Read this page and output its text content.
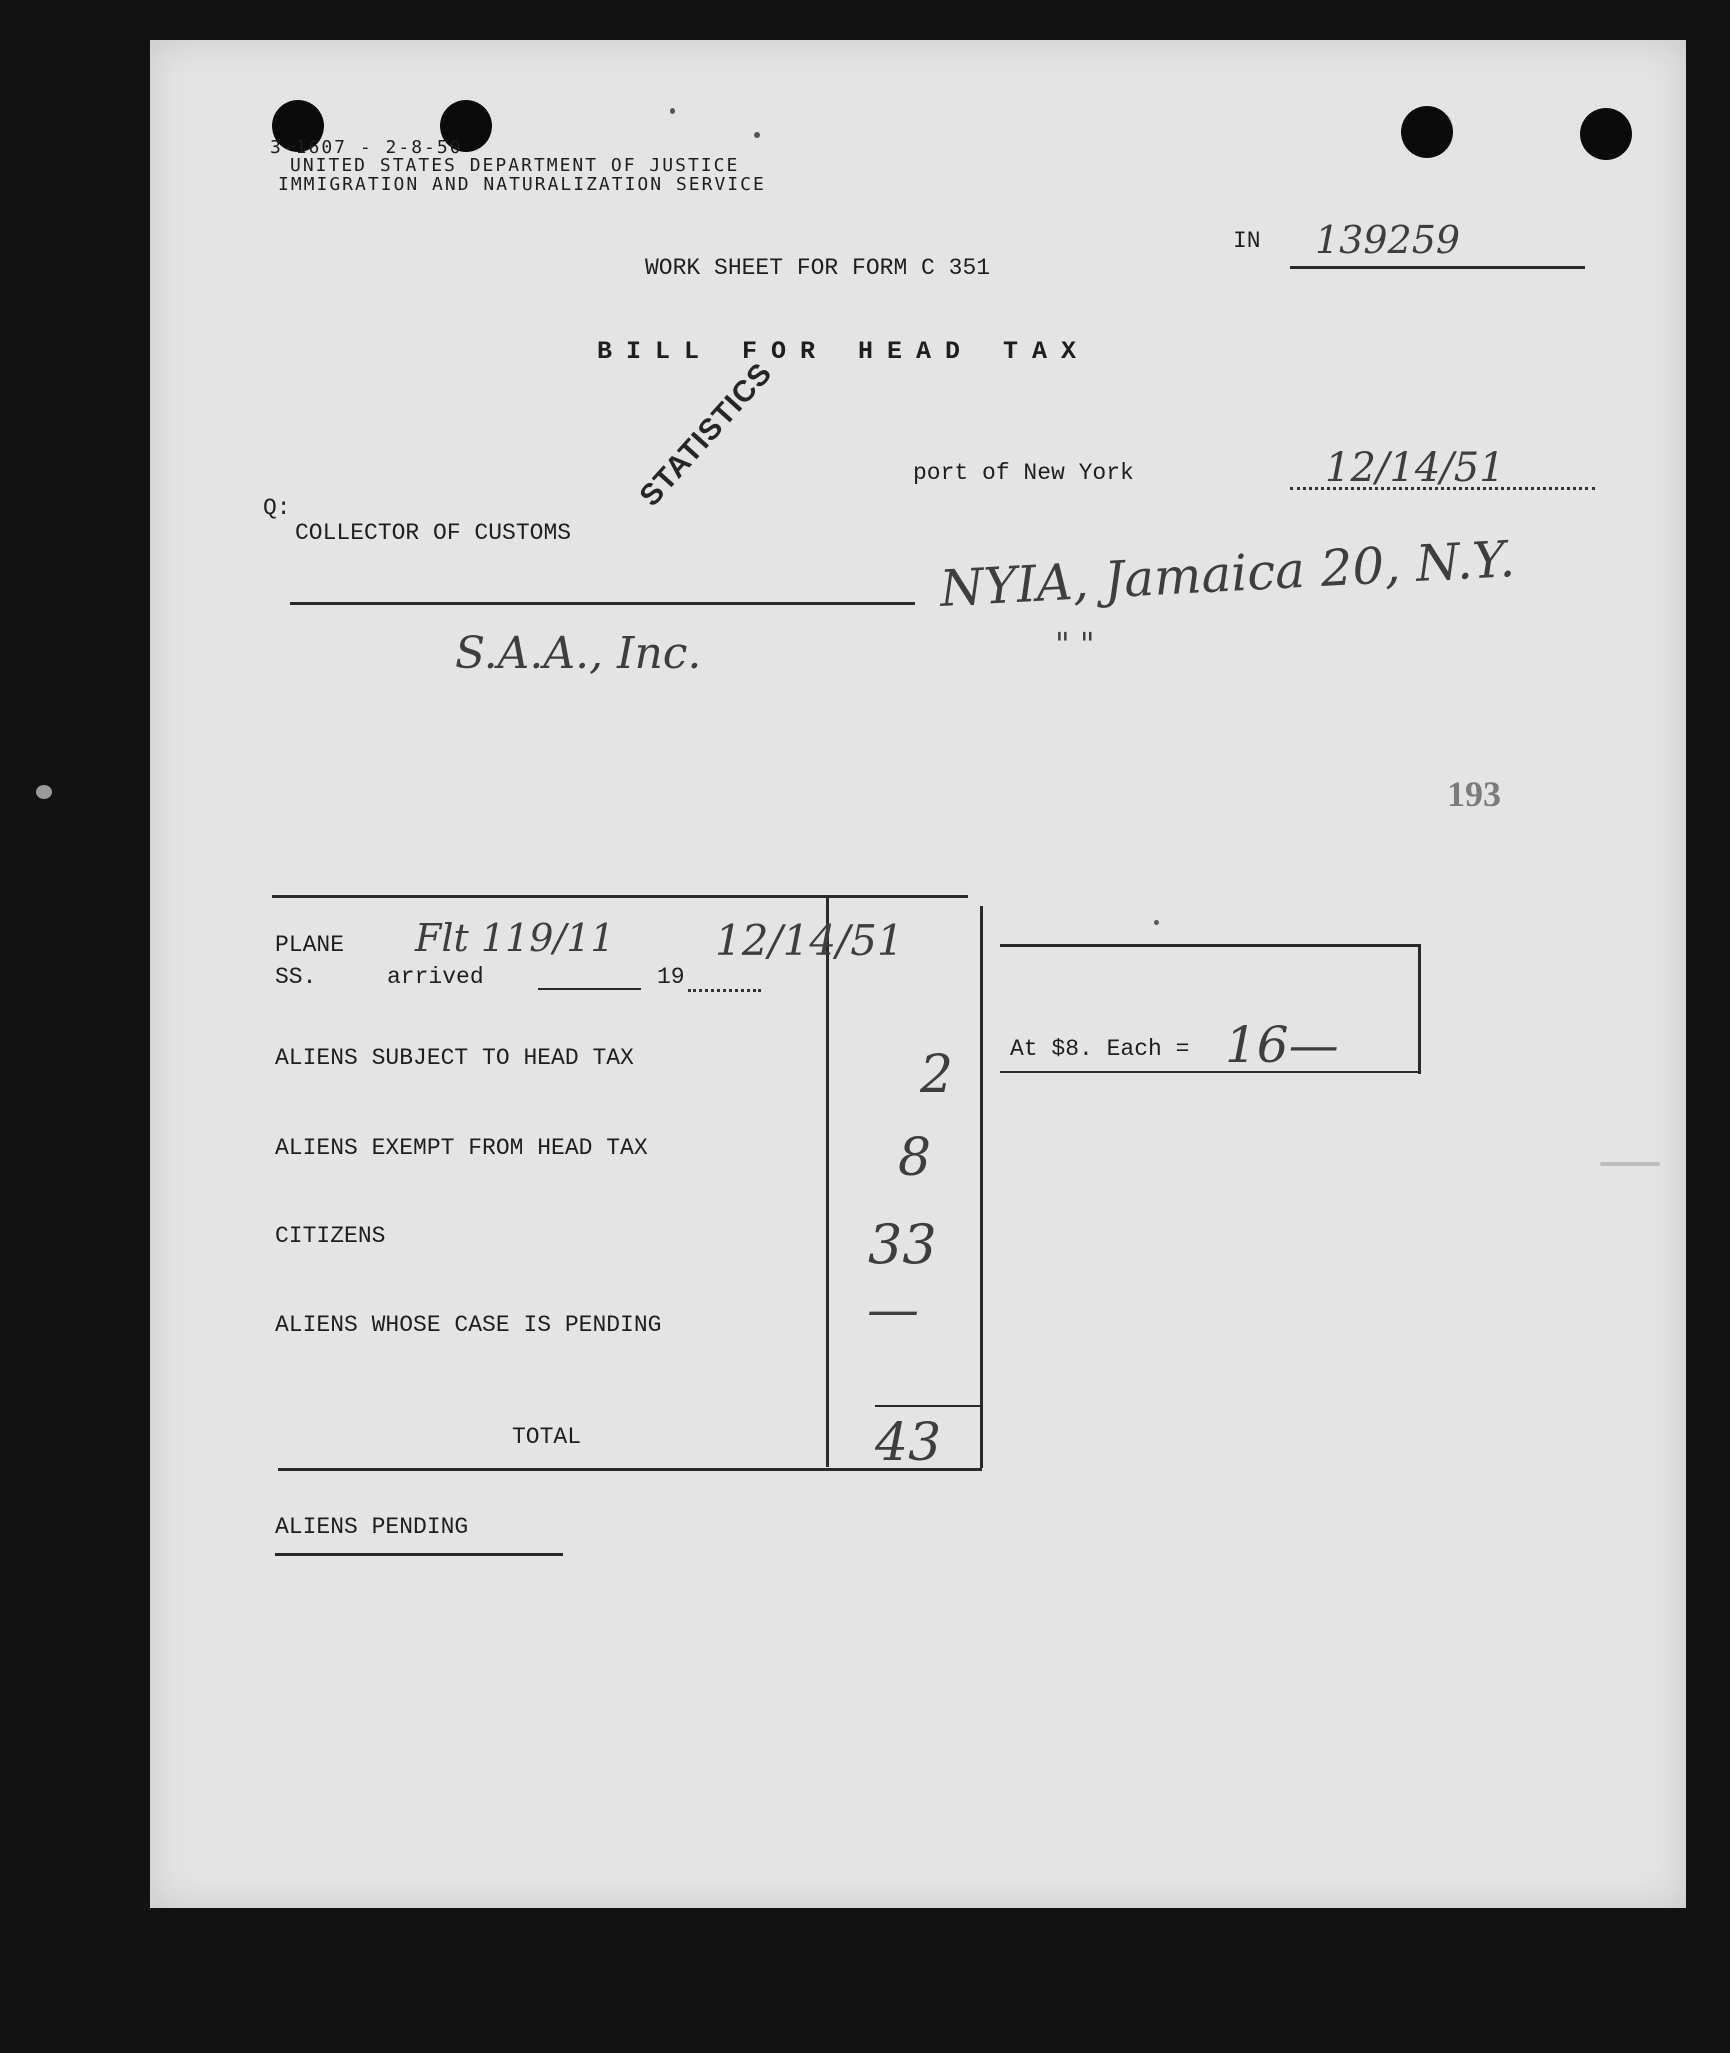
3-1607 - 2-8-50
UNITED STATES DEPARTMENT OF JUSTICE
IMMIGRATION AND NATURALIZATION SERVICE
IN 139259
WORK SHEET FOR FORM C 351
BILL FOR HEAD TAX
STATISTICS	port of New York	12/14/51
Q:
COLLECTOR OF CUSTOMS	NYIA, Jamaica 20, N.Y.
" "
S.A.A., Inc.
193
PLANE Flt 119/11 12/14/51
SS.	arrived	19
ALIENS SUBJECT TO HEAD TAX	2
ALIENS EXEMPT FROM HEAD TAX	8
CITIZENS	33
ALIENS WHOSE CASE IS PENDING	—
TOTAL	43
At $8. Each = 16—
ALIENS PENDING
